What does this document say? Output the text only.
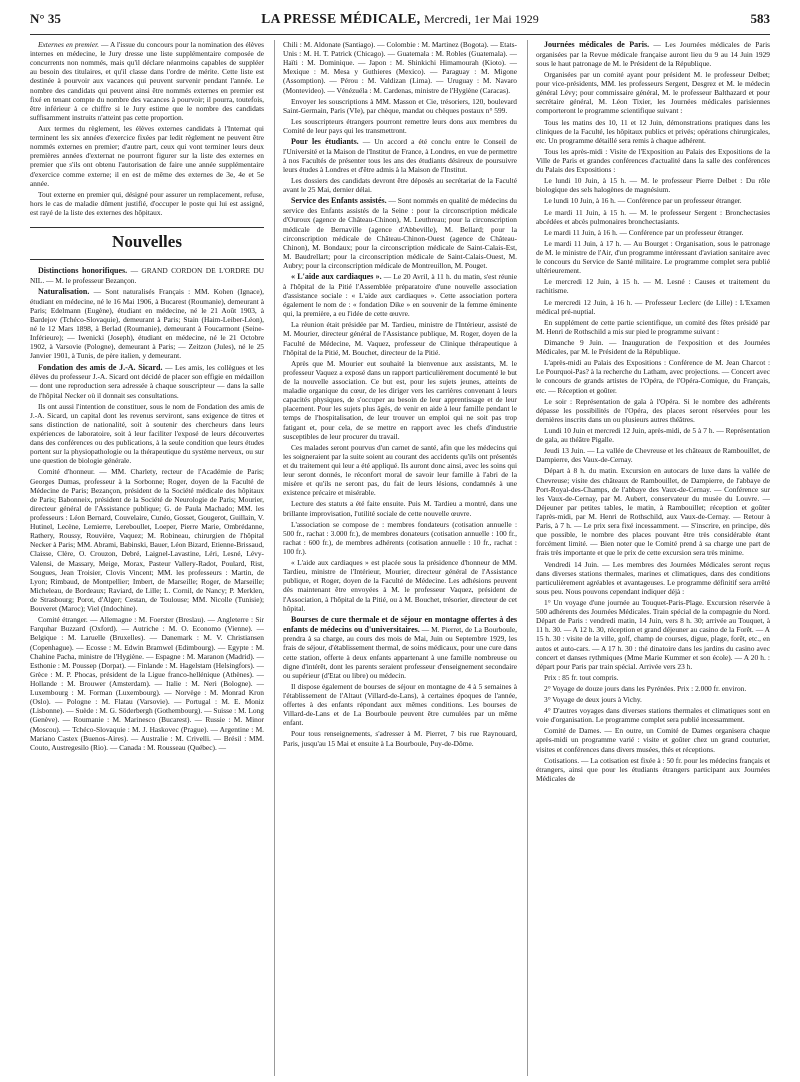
N° 35	LA PRESSE MÉDICALE, Mercredi, 1er Mai 1929	583

Externes en premier. — A l'issue du concours pour la nomination des élèves internes en médecine, le Jury dresse une liste supplémentaire composée de concurrents non nommés, mais qu'il déclare néanmoins capables de suppléer au besoin des titulaires, et qu'il classe dans l'ordre de mérite. Cette liste est destinée à pourvoir aux vacances qui peuvent survenir pendant l'année. Le nombre des candidats qui peuvent ainsi être nommés externes en premier est fixé en tenant compte du nombre des vacances à pourvoir; il pourra, toutefois, être inférieur à ce chiffre si le Jury estime que le nombre des candidats suffisamment instruits n'atteint pas cette proportion.

Aux termes du règlement, les élèves externes candidats à l'Internat qui terminent les six années d'exercice fixées par ledit règlement ne peuvent être nommés externes en premier; d'autre part, ceux qui vont terminer leurs deux premières années d'externat ne pourront figurer sur la liste des externes en premier que s'ils ont obtenu l'autorisation de faire une année supplémentaire d'exercice comme externe; il en est de même des externes de 3e, 4e et 5e année.

Tout externe en premier qui, désigné pour assurer un remplacement, refuse, hors le cas de maladie dûment justifié, d'occuper le poste qui lui est assigné, est rayé de la liste des externes des hôpitaux.

Nouvelles

Distinctions honorifiques. — GRAND CORDON DE L'ORDRE DU NIL. — M. le professeur Bezançon.

Naturalisation. — Sont naturalisés Français : MM. Kohen (Ignace), étudiant en médecine, né le 16 Mai 1906, à Bucarest (Roumanie), demeurant à Paris; Edelmann (Eugène), étudiant en médecine, né le 21 Août 1903, à Bardejov (Tchéco-Slovaquie), demeurant à Paris; Stain (Haim-Leiber-Léon), né le 12 Mars 1898, à Berlad (Roumanie), demeurant à Foucarmont (Seine-Inférieure); — Iwenicki (Joseph), étudiant en médecine, né le 21 Octobre 1902, à Varsovie (Pologne), demeurant à Paris; — Zeitzon (Jules), né le 25 Janvier 1901, à Tunis, de père italien, y demeurant.

Fondation des amis de J.-A. Sicard. — Les amis, les collègues et les élèves du professeur J.-A. Sicard ont décidé de placer son effigie en médaillon — dont une reproduction sera adressée à chaque souscripteur — dans la salle de l'hôpital Necker où il donnait ses consultations.

Ils ont aussi l'intention de constituer, sous le nom de Fondation des amis de J.-A. Sicard, un capital dont les revenus serviront, sans exigence de titres et sans distinction de nationalité, soit à soutenir des chercheurs dans leurs expériences de laboratoire, soit à leur faciliter l'exposé de leurs découvertes dans des conférences ou des publications, à la seule condition que leurs études portent sur la physiopathologie ou la thérapeutique du système nerveux, ou sur une question de biologie générale.

Comité d'honneur. — MM. Charlety, recteur de l'Académie de Paris; Georges Dumas, professeur à la Sorbonne; Roger, doyen de la Faculté de Médecine de Paris; Bezançon, président de la Société médicale des hôpitaux de Paris; Babonneix, président de la Société de Neurologie de Paris; Mourier, directeur général de l'Assistance publique; G. de Paula Machado; MM. les professeurs : Léon Bernard, Couvelaire, Cunéo, Gosset, Gougerot, Guillain, V. Hutinel, Lecène, Lemierre, Lereboullet, Loeper, Pierre Marie, Ombrédanne, Rathery, Roussy, Rouvière, Vaquez; M. Robineau, chirurgien de l'hôpital Necker à Paris; MM. Abrami, Babinski, Bauer, Léon Bizard, Etienne-Brissaud, Claisse, Clère, O. Crouzon, Debré, Laignel-Lavastine, Léri, Lesné, Lévy-Valensi, de Massary, Meige, Morax, Pasteur Vallery-Radot, Poulard, Rist, Sougues, Jean Troisier, Clovis Vincent; MM. les professeurs : Martin, de Lyon; Rimbaud, de Montpellier; Imbert, de Marseille; Roger, de Marseille; Micheleau, de Bordeaux; Raviard, de Lille; L. Cornil, de Nancy; P. Merklen, de Strasbourg; Porot, d'Alger; Cestan, de Toulouse; MM. Nicolle (Tunisie); Bouveret (Maroc); Viel (Indochine).

Comité étranger. — Allemagne : M. Foerster (Breslau). — Angleterre : Sir Farquhar Buzzard (Oxford). — Autriche : M. O. Economo (Vienne). — Belgique : M. Laruelle (Bruxelles). — Danemark : M. V. Christiansen (Copenhague). — Ecosse : M. Edwin Bramwel (Edimbourg). — Egypte : M. Chahine Pacha, ministre de l'Hygiène. — Espagne : M. Maranon (Madrid). — Esthonie : M. Poussep (Dorpat). — Finlande : M. Hagelstam (Helsingfors). — Grèce : M. P. Phocas, président de la Ligue franco-hellénique (Athènes). — Hollande : M. Brouwer (Amsterdam). — Italie : M. Neri (Bologne). — Luxembourg : M. Forman (Luxembourg). — Norvège : M. Monrad Kron (Oslo). — Pologne : M. Flatau (Varsovie). — Portugal : M. E. Moniz (Lisbonne). — Suède : M. G. Söderbergh (Gothembourg). — Suisse : M. Long (Genève). — Roumanie : M. Marinesco (Bucarest). — Russie : M. Minor (Moscou). — Tchéco-Slovaquie : M. J. Haskovec (Prague). — Argentine : M. Mariano Castex (Buenos-Aires). — Australie : M. Crivelli. — Brésil : MM. Couto, Austregesilo (Rio). — Canada : M. Rousseau (Québec). —

Chili : M. Aldonate (Santiago). — Colombie : M. Martinez (Bogota). — Etats-Unis : M. H. T. Patrick (Chicago). — Guatemala : M. Robles (Guatemala). — Haïti : M. Dominique. — Japon : M. Shinkichi Himamourah (Kioto). — Mexique : M. Mesa y Guthieres (Mexico). — Paraguay : M. Migone (Assomption). — Pérou : M. Valdizan (Lima). — Uruguay : M. Navaro (Montevideo). — Vénézuéla : M. Cardenas, ministre de l'Hygiène (Caracas).

Envoyer les souscriptions à MM. Masson et Cie, trésoriers, 120, boulevard Saint-Germain, Paris (VIe), par chèque, mandat ou chèques postaux n° 599.

Les souscripteurs étrangers pourront remettre leurs dons aux membres du Comité de leur pays qui les transmettront.

Pour les étudiants. — Un accord a été conclu entre le Conseil de l'Université et la Maison de l'Institut de France, à Londres, en vue de permettre à nos Facultés de présenter tous les ans des étudiants désireux de poursuivre leurs études à Londres et d'être admis à la Maison de l'Institut.

Les dossiers des candidats devront être déposés au secrétariat de la Faculté avant le 25 Mai, dernier délai.

Service des Enfants assistés. — Sont nommés en qualité de médecins du service des Enfants assistés de la Seine : pour la circonscription médicale d'Ouroux (agence de Château-Chinon), M. Leuthreau; pour la circonscription médicale de Bernaville (agence d'Abbeville), M. Bellard; pour la circonscription médicale de Château-Chinon-Ouest (agence de Château-Chinon), M. Bondaux; pour la circonscription médicale de Saint-Calais-Est, M. Baudrellart; pour la circonscription médicale de Saint-Calais-Ouest, M. Aubry; pour la circonscription médicale de Montreuillon, M. Pouget.

« L'aide aux cardiaques ». — Le 20 Avril, à 11 h. du matin, s'est réunie à l'hôpital de la Pitié l'Assemblée préparatoire d'une nouvelle association d'assistance sociale : « L'aide aux cardiaques ». Cette association portera également le nom de : « fondation Dike » en souvenir de la femme éminente qui, la première, a eu l'idée de cette œuvre.

La réunion était présidée par M. Tardieu, ministre de l'Intérieur, assisté de M. Mourier, directeur général de l'Assistance publique, M. Roger, doyen de la Faculté de Médecine, M. Vaquez, professeur de Clinique thérapeutique à l'hôpital de la Pitié, M. Bouchet, directeur de la Pitié.

Après que M. Mourier eut souhaité la bienvenue aux assistants, M. le professeur Vaquez a exposé dans un rapport particulièrement documenté le but de la nouvelle association. Ce but est, pour les sujets jeunes, atteints de maladie organique du cœur, de les diriger vers les carrières convenant à leurs capacités physiques, de s'occuper au besoin de leur apprentissage et de leur placement. Pour les sujets plus âgés, de venir en aide à leur famille pendant le temps de l'hospitalisation, de leur trouver un emploi qui ne soit pas trop fatigant et, pour cela, de se mettre en rapport avec les chefs d'industrie susceptibles de leur procurer du travail.

Ces malades seront pourvus d'un carnet de santé, afin que les médecins qui les soigneraient par la suite soient au courant des accidents qu'ils ont présentés et du traitement qui leur a été appliqué. Ils auront donc ainsi, avec les soins qui leur seront donnés, le réconfort moral de savoir leur famille à l'abri de la misère et qu'ils ne seront pas, du fait de leurs lésions, condamnés à une existence précaire et misérable.

Lecture des statuts a été faite ensuite. Puis M. Tardieu a montré, dans une brillante improvisation, l'utilité sociale de cette nouvelle œuvre.

L'association se compose de : membres fondateurs (cotisation annuelle : 500 fr., rachat : 3.000 fr.), de membres donateurs (cotisation annuelle : 100 fr., rachat : 600 fr.), de membres adhérents (cotisation annuelle : 10 fr., rachat : 100 fr.).

« L'aide aux cardiaques » est placée sous la présidence d'honneur de MM. Tardieu, ministre de l'Intérieur, Mourier, directeur général de l'Assistance publique, et Roger, doyen de la Faculté de Médecine. Les adhésions peuvent dès maintenant être envoyées à M. le professeur Vaquez, président de l'Association, à l'hôpital de la Pitié, ou à M. Bouchet, trésorier, directeur de cet hôpital.

Bourses de cure thermale et de séjour en montagne offertes à des enfants de médecins ou d'universitaires. — M. Pierret, de La Bourboule, prendra à sa charge, au cours des mois de Mai, Juin ou Septembre 1929, les frais de séjour, d'établissement thermal, de soins médicaux, pour une cure dans cette station, offerte à deux enfants appartenant à une famille nombreuse ou digne d'intérêt, dont les parents seraient professeur d'enseignement secondaire ou supérieur (d'Etat ou libre) ou médecin.

Il dispose également de bourses de séjour en montagne de 4 à 5 semaines à l'établissement de l'Altaut (Villard-de-Lans), à certaines époques de l'année, offertes à des enfants répondant aux mêmes conditions. Les bourses de Villard-de-Lans et de La Bourboule peuvent être cumulées par un même enfant.

Pour tous renseignements, s'adresser à M. Pierret, 7 bis rue Raynouard, Paris, jusqu'au 15 Mai et ensuite à La Bourboule, Puy-de-Dôme.

Journées médicales de Paris. — Les Journées médicales de Paris organisées par la Revue médicale française auront lieu du 9 au 14 Juin 1929 sous le haut patronage de M. le Président de la République.

Organisées par un comité ayant pour président M. le professeur Delbet; pour vice-présidents, MM. les professeurs Sergent, Desgrez et M. le médecin général Lévy; pour commissaire général, M. le professeur Balthazard et pour secrétaire général, M. Léon Tixier, les Journées médicales parisiennes comporteront le programme scientifique suivant :

Tous les matins des 10, 11 et 12 Juin, démonstrations pratiques dans les cliniques de la Faculté, les hôpitaux publics et privés; opérations chirurgicales, etc. Un programme détaillé sera remis à chaque adhérent.

Tous les après-midi : Visite de l'Exposition au Palais des Expositions de la Ville de Paris et grandes conférences d'actualité dans la salle des conférences du Palais des Expositions :

Le lundi 10 Juin, à 15 h. — M. le professeur Pierre Delbet : Du rôle biologique des sels halogènes de magnésium.

Le lundi 10 Juin, à 16 h. — Conférence par un professeur étranger.

Le mardi 11 Juin, à 15 h. — M. le professeur Sergent : Bronchectasies abcédées et abcès pulmonaires bronchectasiants.

Le mardi 11 Juin, à 16 h. — Conférence par un professeur étranger.

Le mardi 11 Juin, à 17 h. — Au Bourget : Organisation, sous le patronage de M. le ministre de l'Air, d'un programme intéressant d'aviation sanitaire avec le concours du Service de Santé militaire. Le programme complet sera publié ultérieurement.

Le mercredi 12 Juin, à 15 h. — M. Lesné : Causes et traitement du rachitisme.

Le mercredi 12 Juin, à 16 h. — Professeur Leclerc (de Lille) : L'Examen médical pré-nuptial.

En supplément de cette partie scientifique, un comité des fêtes présidé par M. Henri de Rothschild a mis sur pied le programme suivant :

Dimanche 9 Juin. — Inauguration de l'exposition et des Journées Médicales, par M. le Président de la République.

L'après-midi au Palais des Expositions : Conférence de M. Jean Charcot : Le Pourquoi-Pas? à la recherche du Latham, avec projections. — Concert avec le concours de grands artistes de l'Opéra, de l'Opéra-Comique, du Français, etc. — Réception et goûter.

Le soir : Représentation de gala à l'Opéra. Si le nombre des adhérents dépasse les possibilités de l'Opéra, des places seront réservées pour les dernières inscrits dans un ou plusieurs autres théâtres.

Lundi 10 Juin et mercredi 12 Juin, après-midi, de 5 à 7 h. — Représentation de gala, au théâtre Pigalle.

Jeudi 13 Juin. — La vallée de Chevreuse et les châteaux de Rambouillet, de Dampierre, des Vaux-de-Cernay.

Départ à 8 h. du matin. Excursion en autocars de luxe dans la vallée de Chevreuse; visite des châteaux de Rambouillet, de Dampierre, de l'abbaye de Port-Royal-des-Champs, de l'abbaye des Vaux-de-Cernay. — Conférence sur les Vaux-de-Cernay, par M. Aubert, conservateur du musée du Louvre. — Déjeuner par petites tables, le matin, à Rambouillet; réception et goûter l'après-midi, par M. Henri de Rothschild, aux Vaux-de-Cernay. — Retour à Paris, à 7 h. — Le prix sera fixé incessamment. — S'inscrire, en principe, dès que possible, le nombre des places pouvant être très considérable étant forcément limité. — Bien noter que le Comité prend à sa charge une part de frais très importante et que le prix de cette excursion sera très minime.

Vendredi 14 Juin. — Les membres des Journées Médicales seront reçus dans diverses stations thermales, marines et climatiques, dans des conditions particulièrement agréables et avantageuses. Le programme définitif sera arrêté sous peu. Nous pouvons cependant indiquer déjà :

1° Un voyage d'une journée au Touquet-Paris-Plage. Excursion réservée à 500 adhérents des Journées Médicales. Train spécial de la compagnie du Nord. Départ de Paris : vendredi matin, 14 Juin, vers 8 h. 30; arrivée au Touquet, à 11 h. 30. — A 12 h. 30, réception et grand déjeuner au casino de la Forêt. — A 15 h. 30 : visite de la ville, golf, champ de courses, digue, plage, forêt, etc., en autos et auto-cars. — A 17 h. 30 : thé dinatoire dans les jardins du casino avec concert et danses rythmiques (Mme Marie Kummer et son école). — A 20 h. : départ pour Paris par train spécial. Arrivée vers 23 h.

Prix : 85 fr. tout compris.

2° Voyage de douze jours dans les Pyrénées. Prix : 2.000 fr. environ.

3° Voyage de deux jours à Vichy.

4° D'autres voyages dans diverses stations thermales et climatiques sont en voie d'organisation. Le programme complet sera publié incessamment.

Comité de Dames. — En outre, un Comité de Dames organisera chaque après-midi un programme varié : visite et goûter chez un grand couturier, visites et conférences dans divers musées, thés et réceptions.

Cotisations. — La cotisation est fixée à : 50 fr. pour les médecins français et étrangers, ainsi que pour les étudiants étrangers participant aux Journées Médicales de
